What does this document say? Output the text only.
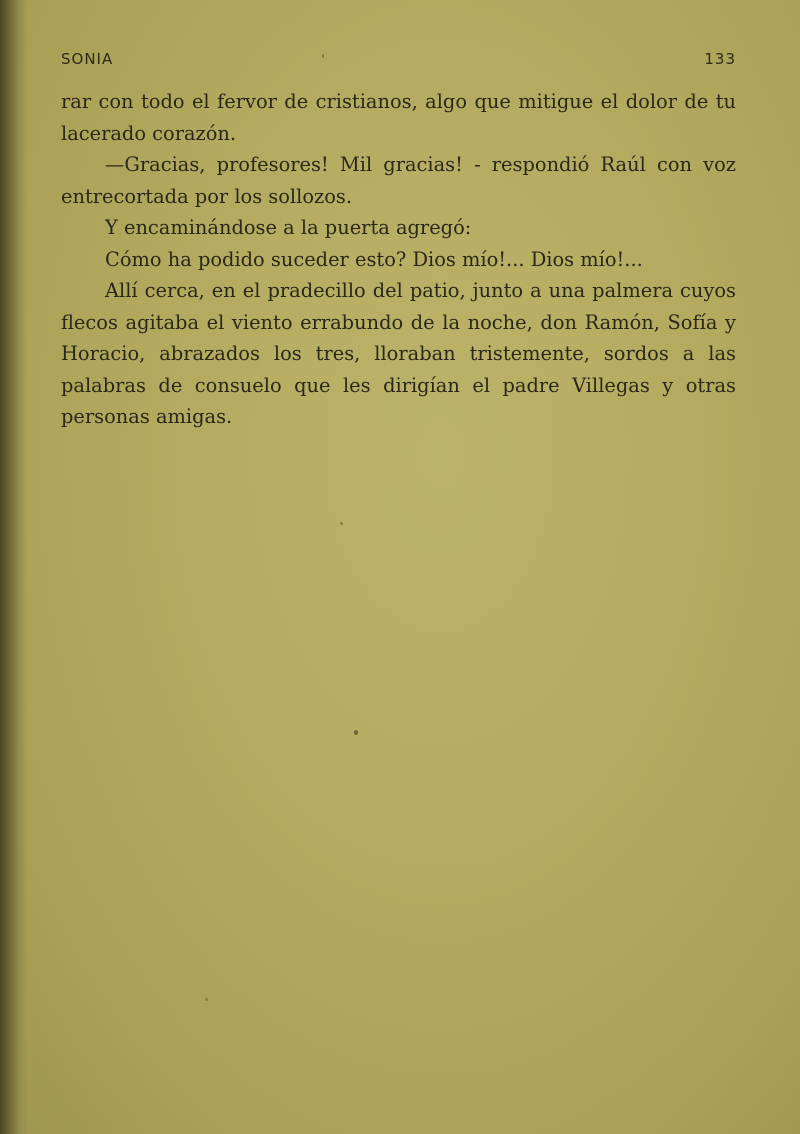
SONIA	133

rar con todo el fervor de cristianos, algo que mitigue el dolor de tu lacerado corazón.

—Gracias, profesores! Mil gracias! - respondió Raúl con voz entrecortada por los sollozos.

Y encaminándose a la puerta agregó:

Cómo ha podido suceder esto? Dios mío!... Dios mío!...

Allí cerca, en el pradecillo del patio, junto a una palmera cuyos flecos agitaba el viento errabundo de la noche, don Ramón, Sofía y Horacio, abrazados los tres, lloraban tristemente, sordos a las palabras de consuelo que les dirigían el padre Villegas y otras personas amigas.
